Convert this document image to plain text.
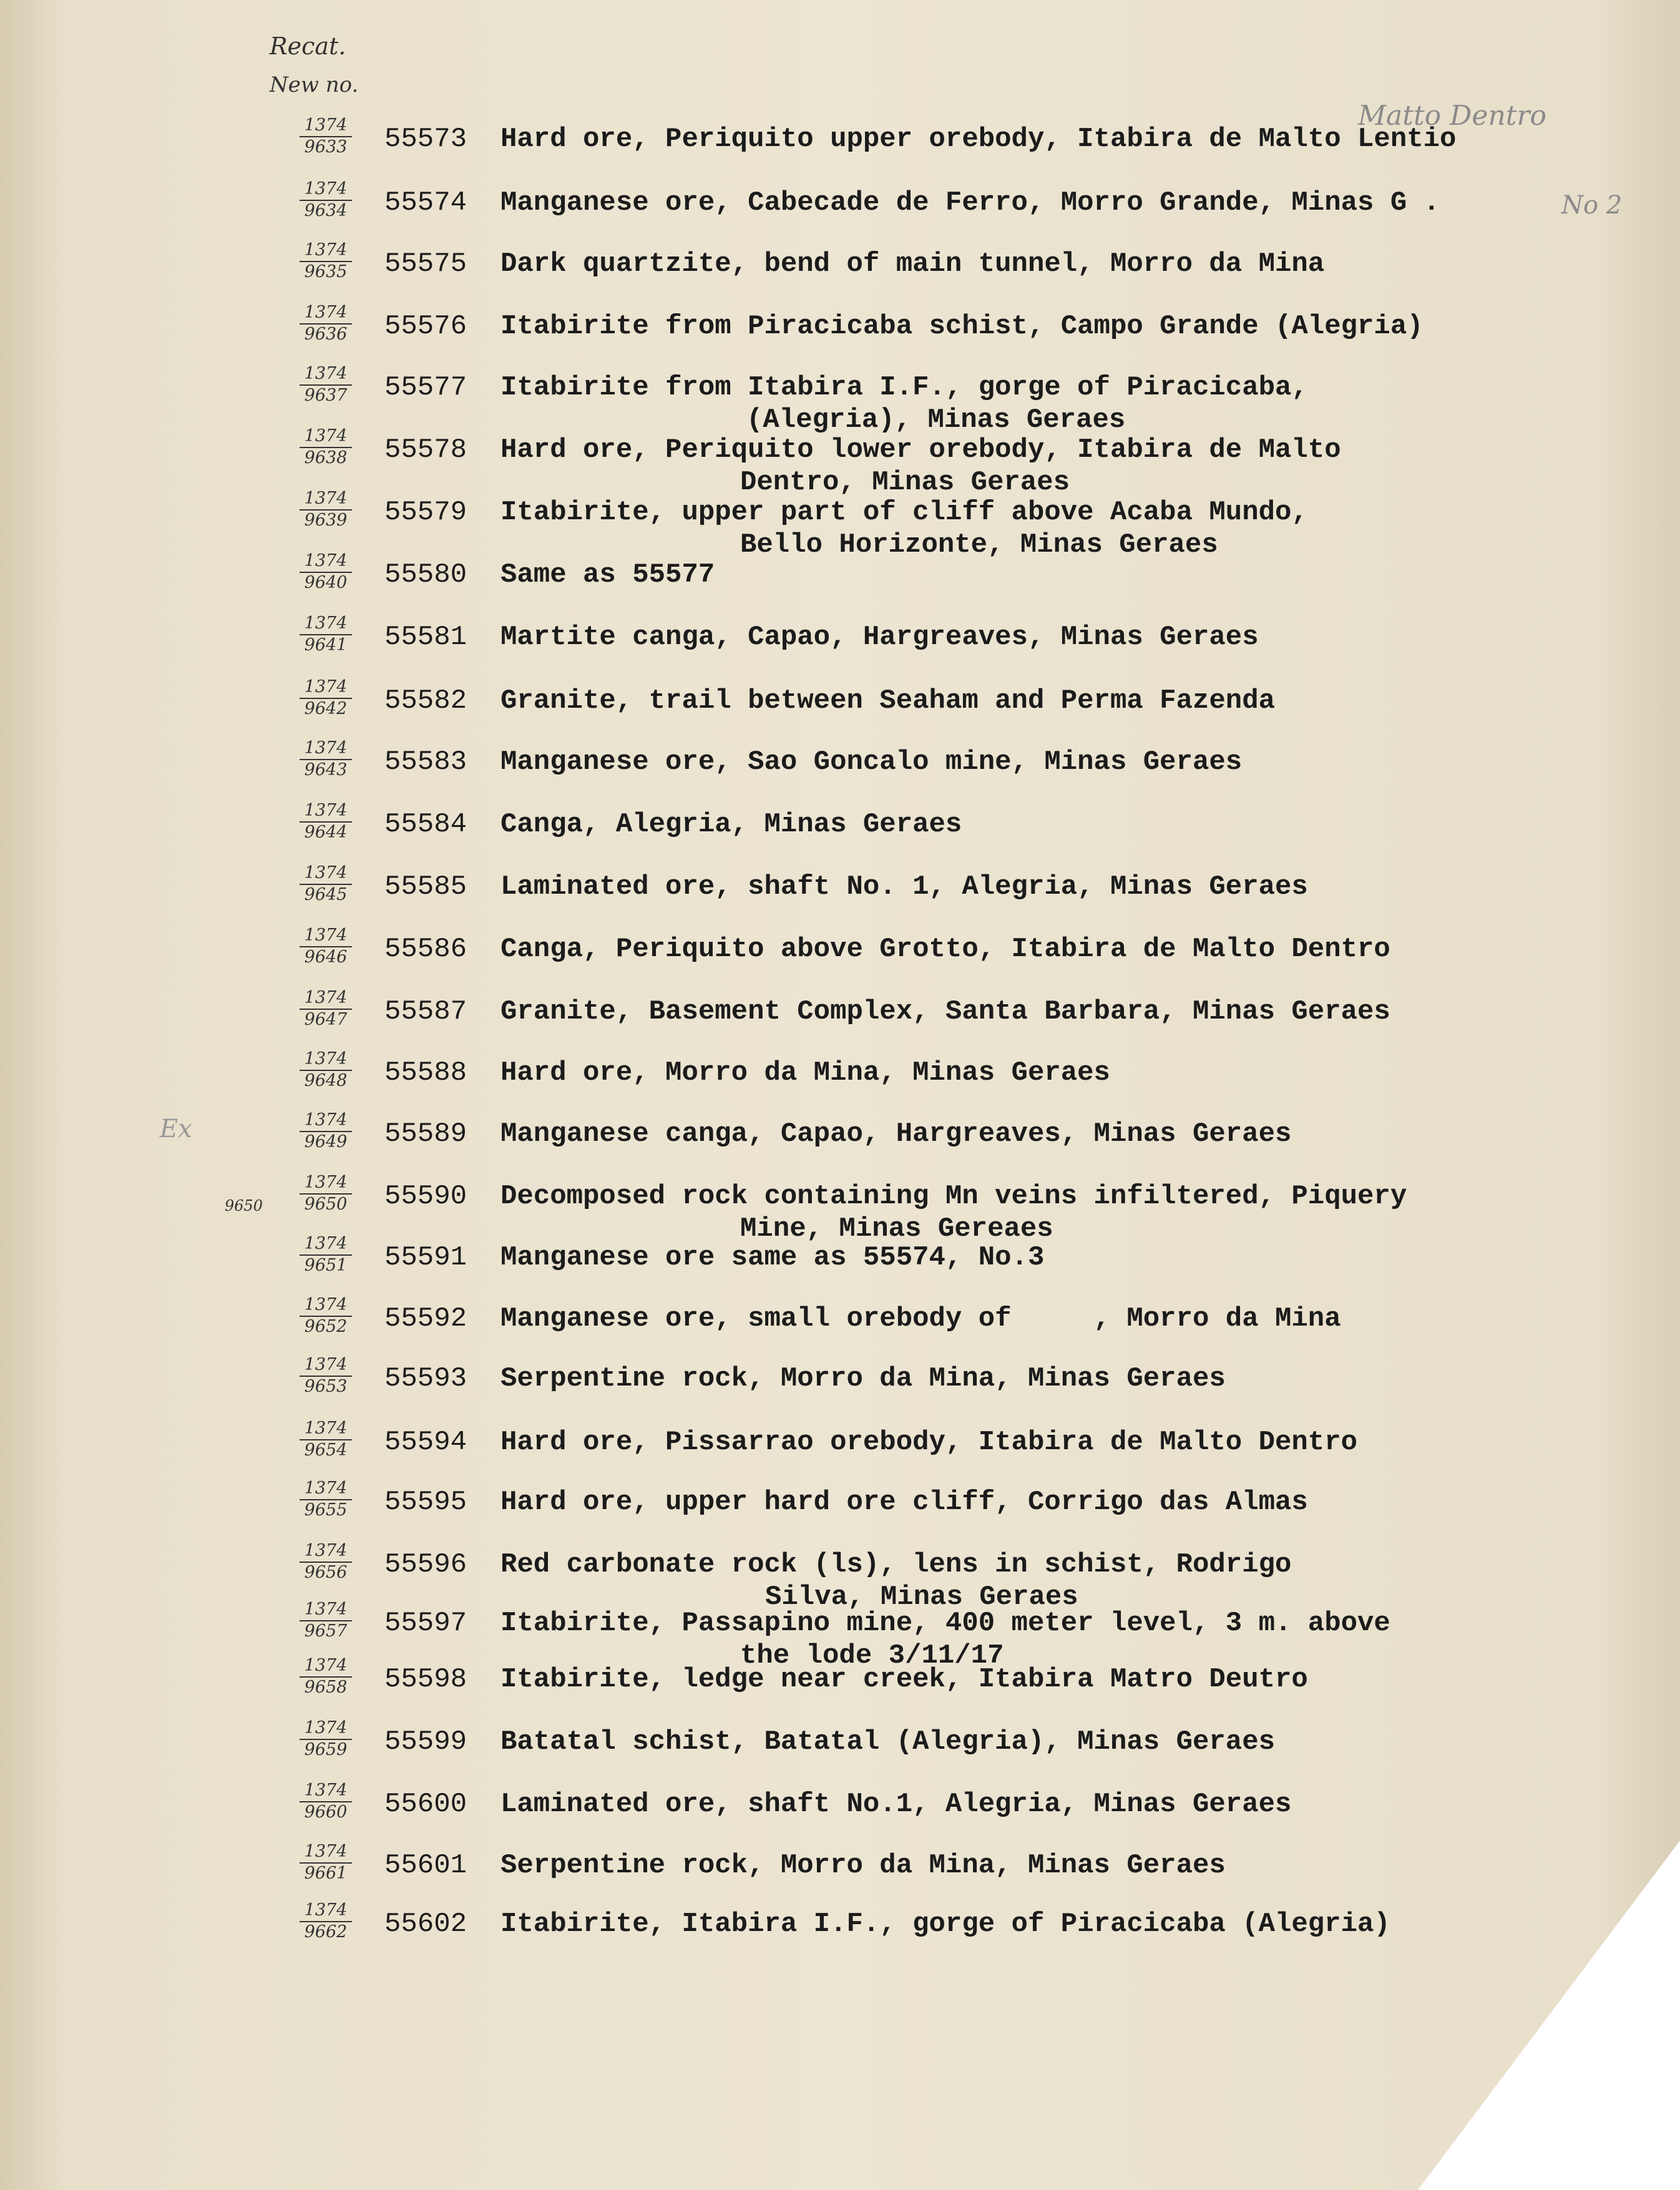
Recat.
New no.
Matto Dentro
No 2
Ex
1374
9633	55573 Hard ore, Periquito upper orebody, Itabira de Malto Lentio
1374
9634	55574 Manganese ore, Cabecade de Ferro, Morro Grande, Minas G .
1374
9635	55575 Dark quartzite, bend of main tunnel, Morro da Mina
1374
9636	55576 Itabirite from Piracicaba schist, Campo Grande (Alegria)
1374
9637	55577 Itabirite from Itabira I.F., gorge of Piracicaba,
(Alegria), Minas Geraes
1374
9638	55578 Hard ore, Periquito lower orebody, Itabira de Malto
Dentro, Minas Geraes
1374
9639	55579 Itabirite, upper part of cliff above Acaba Mundo,
Bello Horizonte, Minas Geraes
1374
9640	55580 Same as 55577
1374
9641	55581 Martite canga, Capao, Hargreaves, Minas Geraes
1374
9642	55582 Granite, trail between Seaham and Perma Fazenda
1374
9643	55583 Manganese ore, Sao Goncalo mine, Minas Geraes
1374
9644	55584 Canga, Alegria, Minas Geraes
1374
9645	55585 Laminated ore, shaft No. 1, Alegria, Minas Geraes
1374
9646	55586 Canga, Periquito above Grotto, Itabira de Malto Dentro
1374
9647	55587 Granite, Basement Complex, Santa Barbara, Minas Geraes
1374
9648	55588 Hard ore, Morro da Mina, Minas Geraes
1374
9649	55589 Manganese canga, Capao, Hargreaves, Minas Geraes
1374
9650
9650	55590 Decomposed rock containing Mn veins infiltered, Piquery
Mine, Minas Gereaes
1374
9651	55591 Manganese ore same as 55574, No.3
1374
9652	55592 Manganese ore, small orebody of     , Morro da Mina
1374
9653	55593 Serpentine rock, Morro da Mina, Minas Geraes
1374
9654	55594 Hard ore, Pissarrao orebody, Itabira de Malto Dentro
1374
9655	55595 Hard ore, upper hard ore cliff, Corrigo das Almas
1374
9656	55596 Red carbonate rock (ls), lens in schist, Rodrigo
Silva, Minas Geraes
1374
9657	55597 Itabirite, Passapino mine, 400 meter level, 3 m. above
the lode 3/11/17
1374
9658	55598 Itabirite, ledge near creek, Itabira Matro Deutro
1374
9659	55599 Batatal schist, Batatal (Alegria), Minas Geraes
1374
9660	55600 Laminated ore, shaft No.1, Alegria, Minas Geraes
1374
9661	55601 Serpentine rock, Morro da Mina, Minas Geraes
1374
9662	55602 Itabirite, Itabira I.F., gorge of Piracicaba (Alegria)
